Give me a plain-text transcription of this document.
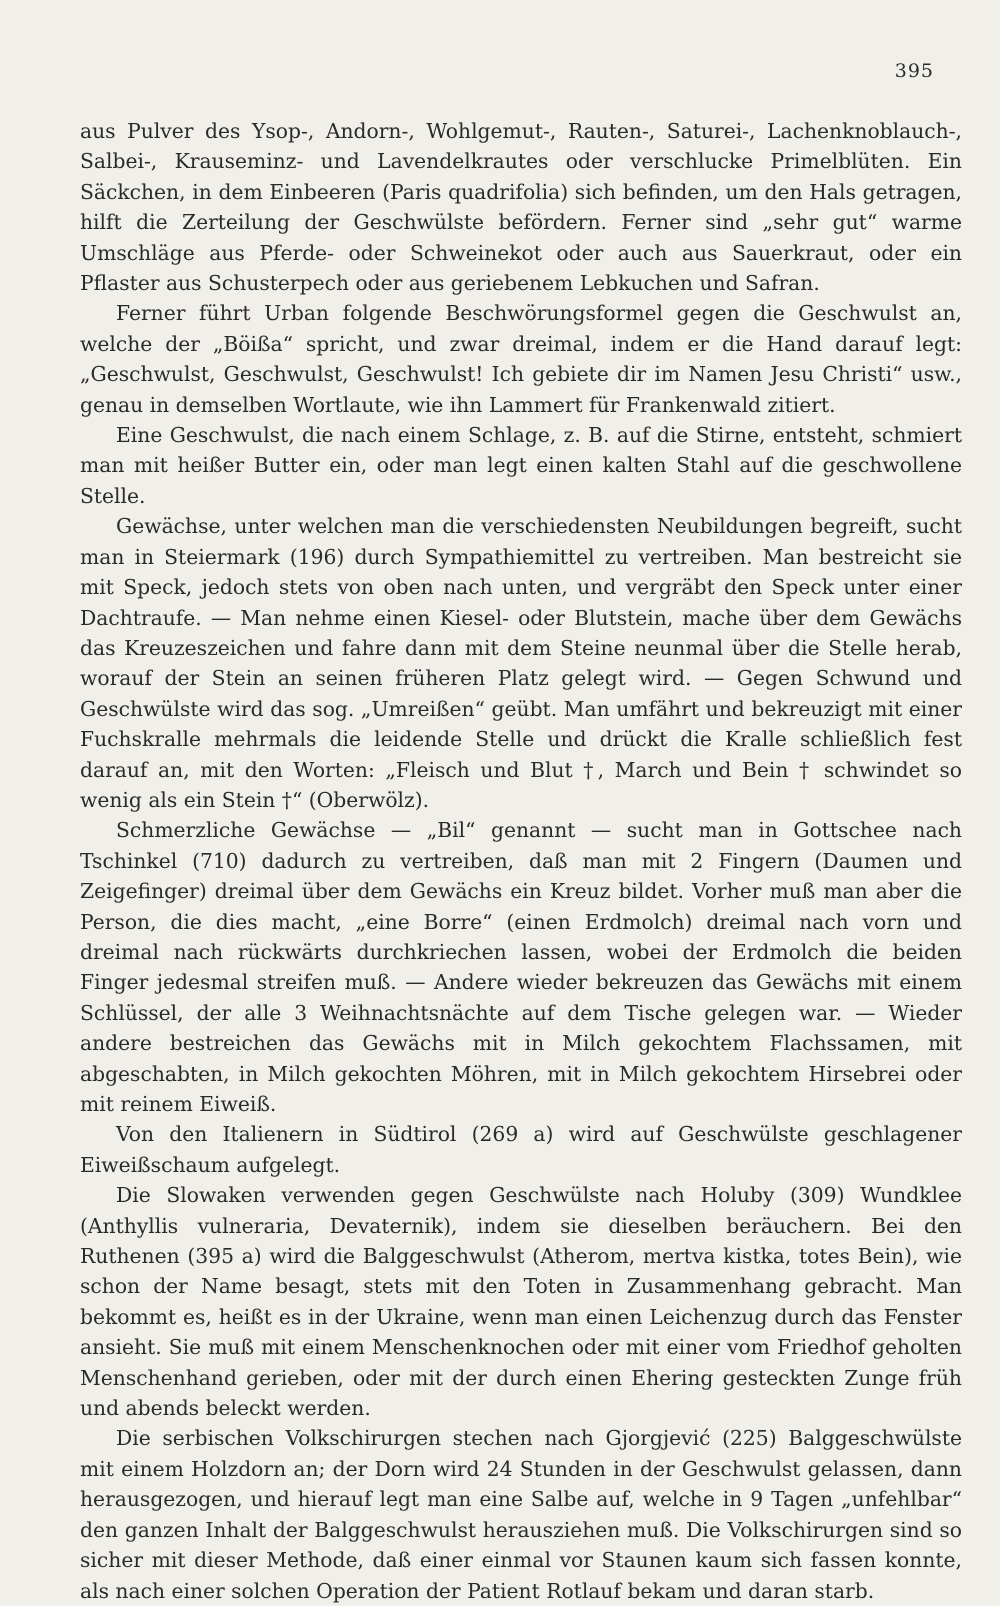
395

aus Pulver des Ysop-, Andorn-, Wohlgemut-, Rauten-, Saturei-, Lachenknoblauch-, Salbei-, Krauseminz- und Lavendelkrautes oder verschlucke Primelblüten. Ein Säckchen, in dem Einbeeren (Paris quadrifolia) sich befinden, um den Hals getragen, hilft die Zerteilung der Geschwülste befördern. Ferner sind „sehr gut“ warme Umschläge aus Pferde- oder Schweinekot oder auch aus Sauerkraut, oder ein Pflaster aus Schusterpech oder aus geriebenem Lebkuchen und Safran.

Ferner führt Urban folgende Beschwörungsformel gegen die Geschwulst an, welche der „Böißa“ spricht, und zwar dreimal, indem er die Hand darauf legt: „Geschwulst, Geschwulst, Geschwulst! Ich gebiete dir im Namen Jesu Christi“ usw., genau in demselben Wortlaute, wie ihn Lammert für Frankenwald zitiert.

Eine Geschwulst, die nach einem Schlage, z. B. auf die Stirne, entsteht, schmiert man mit heißer Butter ein, oder man legt einen kalten Stahl auf die geschwollene Stelle.

Gewächse, unter welchen man die verschiedensten Neubildungen begreift, sucht man in Steiermark (196) durch Sympathiemittel zu vertreiben. Man bestreicht sie mit Speck, jedoch stets von oben nach unten, und vergräbt den Speck unter einer Dachtraufe. — Man nehme einen Kiesel- oder Blutstein, mache über dem Gewächs das Kreuzeszeichen und fahre dann mit dem Steine neunmal über die Stelle herab, worauf der Stein an seinen früheren Platz gelegt wird. — Gegen Schwund und Geschwülste wird das sog. „Umreißen“ geübt. Man umfährt und bekreuzigt mit einer Fuchskralle mehrmals die leidende Stelle und drückt die Kralle schließlich fest darauf an, mit den Worten: „Fleisch und Blut †, March und Bein † schwindet so wenig als ein Stein †“ (Oberwölz).

Schmerzliche Gewächse — „Bil“ genannt — sucht man in Gottschee nach Tschinkel (710) dadurch zu vertreiben, daß man mit 2 Fingern (Daumen und Zeigefinger) dreimal über dem Gewächs ein Kreuz bildet. Vorher muß man aber die Person, die dies macht, „eine Borre“ (einen Erdmolch) dreimal nach vorn und dreimal nach rückwärts durchkriechen lassen, wobei der Erdmolch die beiden Finger jedesmal streifen muß. — Andere wieder bekreuzen das Gewächs mit einem Schlüssel, der alle 3 Weihnachtsnächte auf dem Tische gelegen war. — Wieder andere bestreichen das Gewächs mit in Milch gekochtem Flachssamen, mit abgeschabten, in Milch gekochten Möhren, mit in Milch gekochtem Hirsebrei oder mit reinem Eiweiß.

Von den Italienern in Südtirol (269 a) wird auf Geschwülste geschlagener Eiweißschaum aufgelegt.

Die Slowaken verwenden gegen Geschwülste nach Holuby (309) Wundklee (Anthyllis vulneraria, Devaternik), indem sie dieselben beräuchern. Bei den Ruthenen (395 a) wird die Balggeschwulst (Atherom, mertva kistka, totes Bein), wie schon der Name besagt, stets mit den Toten in Zusammenhang gebracht. Man bekommt es, heißt es in der Ukraine, wenn man einen Leichenzug durch das Fenster ansieht. Sie muß mit einem Menschenknochen oder mit einer vom Friedhof geholten Menschenhand gerieben, oder mit der durch einen Ehering gesteckten Zunge früh und abends beleckt werden.

Die serbischen Volkschirurgen stechen nach Gjorgjević (225) Balggeschwülste mit einem Holzdorn an; der Dorn wird 24 Stunden in der Geschwulst gelassen, dann herausgezogen, und hierauf legt man eine Salbe auf, welche in 9 Tagen „unfehlbar“ den ganzen Inhalt der Balggeschwulst herausziehen muß. Die Volkschirurgen sind so sicher mit dieser Methode, daß einer einmal vor Staunen kaum sich fassen konnte, als nach einer solchen Operation der Patient Rotlauf bekam und daran starb.
